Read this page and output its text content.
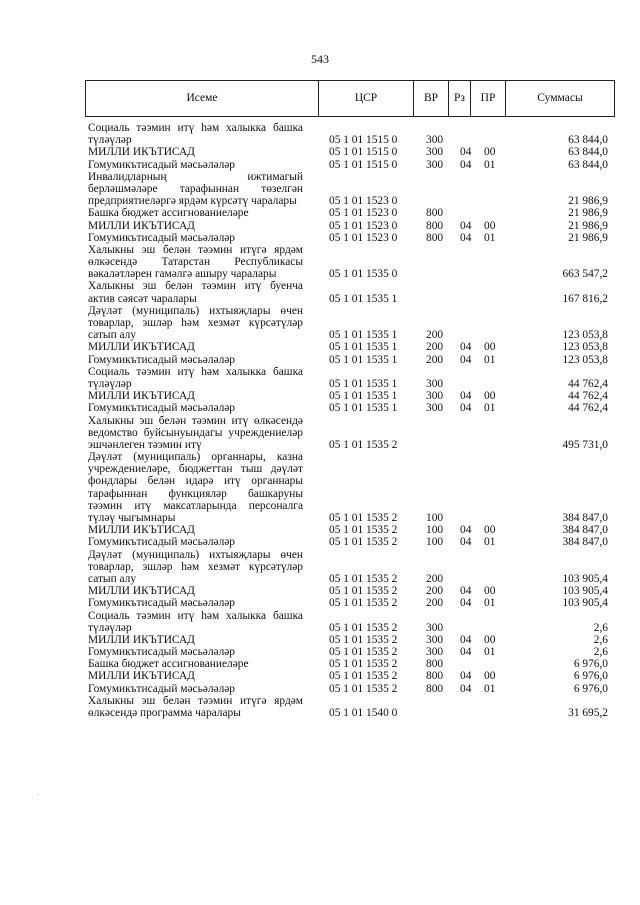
543
Исеме	ЦСР	ВР	Рз	ПР	Суммасы
Социаль тәэмин итү һәм халыкка башка
түләүләр	05 1 01 1515 0	300	63 844,0
МИЛЛИ ИКЪТИСАД	05 1 01 1515 0	300 04 00	63 844,0
Гомумикътисадый мәсьәләләр	05 1 01 1515 0	300 04 01	63 844,0
Инвалидларның ижтимагый
берләшмәләре тарафыннан төзелгән
предприятиеләргә ярдәм күрсәтү чаралары	05 1 01 1523 0	21 986,9
Башка бюджет ассигнованиеләре	05 1 01 1523 0	800	21 986,9
МИЛЛИ ИКЪТИСАД	05 1 01 1523 0	800 04 00	21 986,9
Гомумикътисадый мәсьәләләр	05 1 01 1523 0	800 04 01	21 986,9
Халыкны эш белән тәэмин итүгә ярдәм
өлкәсендә Татарстан Республикасы
вәкаләтләрен гамәлгә ашыру чаралары	05 1 01 1535 0	663 547,2
Халыкны эш белән тәэмин итү буенча
актив сәясәт чаралары	05 1 01 1535 1	167 816,2
Дәүләт (муниципаль) ихтыяҗлары өчен
товарлар, эшләр һәм хезмәт күрсәтүләр
сатып алу	05 1 01 1535 1	200	123 053,8
МИЛЛИ ИКЪТИСАД	05 1 01 1535 1	200 04 00	123 053,8
Гомумикътисадый мәсьәләләр	05 1 01 1535 1	200 04 01	123 053,8
Социаль тәэмин итү һәм халыкка башка
түләүләр	05 1 01 1535 1	300	44 762,4
МИЛЛИ ИКЪТИСАД	05 1 01 1535 1	300 04 00	44 762,4
Гомумикътисадый мәсьәләләр	05 1 01 1535 1	300 04 01	44 762,4
Халыкны эш белән тәэмин итү өлкәсендә
ведомство буйсынуындагы учреждениеләр
эшчәнлеген тәэмин итү	05 1 01 1535 2	495 731,0
Дәүләт (муниципаль) органнары, казна
учреждениеләре, бюджеттан тыш дәүләт
фондлары белән идарә итү органнары
тарафыннан функцияләр башкаруны
тәэмин итү максатларында персоналга
түләү чыгымнары	05 1 01 1535 2	100	384 847,0
МИЛЛИ ИКЪТИСАД	05 1 01 1535 2	100 04 00	384 847,0
Гомумикътисадый мәсьәләләр	05 1 01 1535 2	100 04 01	384 847,0
Дәүләт (муниципаль) ихтыяҗлары өчен
товарлар, эшләр һәм хезмәт күрсәтүләр
сатып алу	05 1 01 1535 2	200	103 905,4
МИЛЛИ ИКЪТИСАД	05 1 01 1535 2	200 04 00	103 905,4
Гомумикътисадый мәсьәләләр	05 1 01 1535 2	200 04 01	103 905,4
Социаль тәэмин итү һәм халыкка башка
түләүләр	05 1 01 1535 2	300	2,6
МИЛЛИ ИКЪТИСАД	05 1 01 1535 2	300 04 00	2,6
Гомумикътисадый мәсьәләләр	05 1 01 1535 2	300 04 01	2,6
Башка бюджет ассигнованиеләре	05 1 01 1535 2	800	6 976,0
МИЛЛИ ИКЪТИСАД	05 1 01 1535 2	800 04 00	6 976,0
Гомумикътисадый мәсьәләләр	05 1 01 1535 2	800 04 01	6 976,0
Халыкны эш белән тәэмин итүгә ярдәм
өлкәсендә программа чаралары	05 1 01 1540 0	31 695,2
·
